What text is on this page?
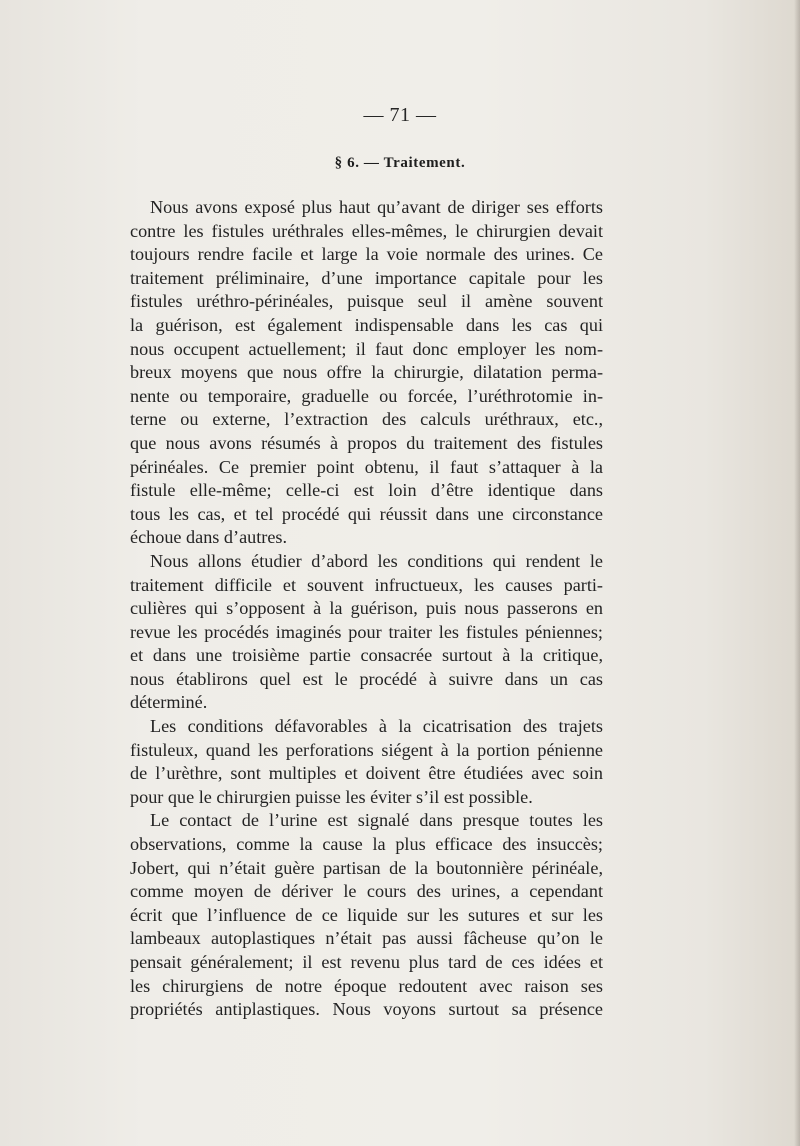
— 71 —
§ 6. — Traitement.
Nous avons exposé plus haut qu’avant de diriger ses efforts
contre les fistules uréthrales elles-mêmes, le chirurgien devait
toujours rendre facile et large la voie normale des urines. Ce
traitement préliminaire, d’une importance capitale pour les
fistules uréthro-périnéales, puisque seul il amène souvent
la guérison, est également indispensable dans les cas qui
nous occupent actuellement; il faut donc employer les nom-
breux moyens que nous offre la chirurgie, dilatation perma-
nente ou temporaire, graduelle ou forcée, l’uréthrotomie in-
terne ou externe, l’extraction des calculs uréthraux, etc.,
que nous avons résumés à propos du traitement des fistules
périnéales. Ce premier point obtenu, il faut s’attaquer à la
fistule elle-même; celle-ci est loin d’être identique dans
tous les cas, et tel procédé qui réussit dans une circonstance
échoue dans d’autres.
Nous allons étudier d’abord les conditions qui rendent le
traitement difficile et souvent infructueux, les causes parti-
culières qui s’opposent à la guérison, puis nous passerons en
revue les procédés imaginés pour traiter les fistules péniennes;
et dans une troisième partie consacrée surtout à la critique,
nous établirons quel est le procédé à suivre dans un cas
déterminé.
Les conditions défavorables à la cicatrisation des trajets
fistuleux, quand les perforations siégent à la portion pénienne
de l’urèthre, sont multiples et doivent être étudiées avec soin
pour que le chirurgien puisse les éviter s’il est possible.
Le contact de l’urine est signalé dans presque toutes les
observations, comme la cause la plus efficace des insuccès;
Jobert, qui n’était guère partisan de la boutonnière périnéale,
comme moyen de dériver le cours des urines, a cependant
écrit que l’influence de ce liquide sur les sutures et sur les
lambeaux autoplastiques n’était pas aussi fâcheuse qu’on le
pensait généralement; il est revenu plus tard de ces idées et
les chirurgiens de notre époque redoutent avec raison ses
propriétés antiplastiques. Nous voyons surtout sa présence
